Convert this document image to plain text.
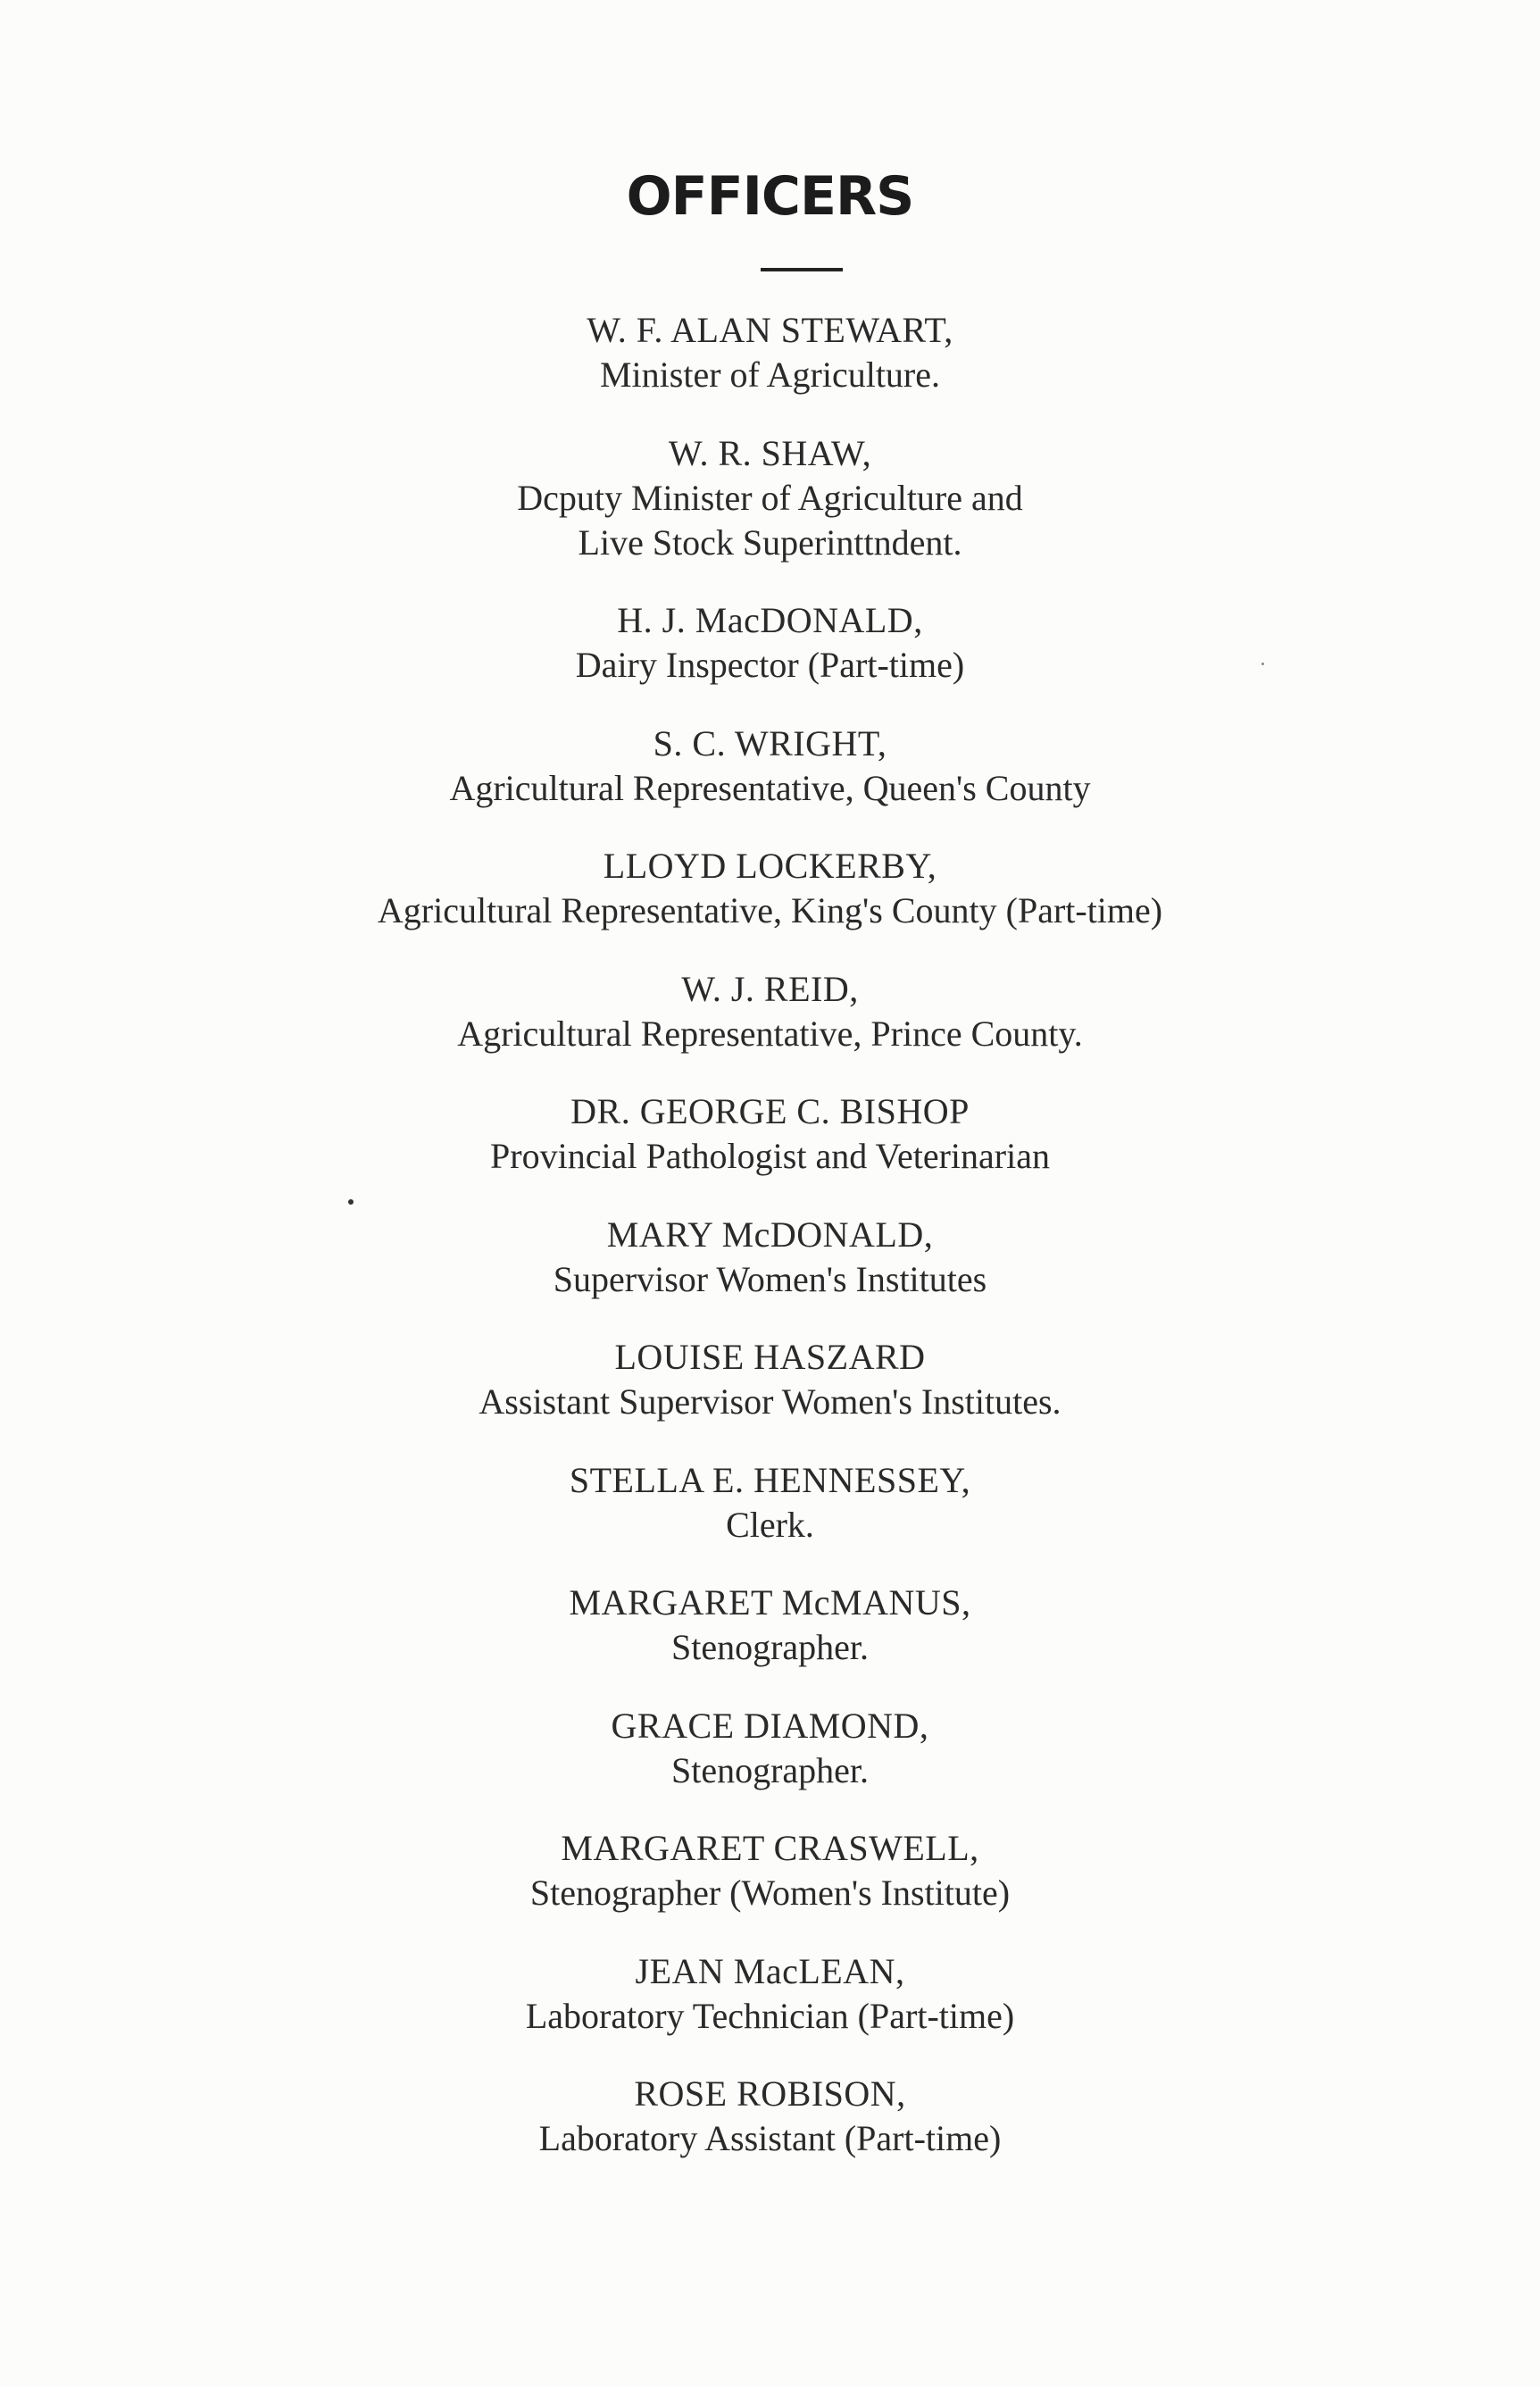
OFFICERS
W. F. ALAN STEWART,
Minister of Agriculture.
W. R. SHAW,
Dcputy Minister of Agriculture and
Live Stock Superinttndent.
H. J. MacDONALD,
Dairy Inspector (Part-time)
S. C. WRIGHT,
Agricultural Representative, Queen's County
LLOYD LOCKERBY,
Agricultural Representative, King's County (Part-time)
W. J. REID,
Agricultural Representative, Prince County.
DR. GEORGE C. BISHOP
Provincial Pathologist and Veterinarian
MARY McDONALD,
Supervisor Women's Institutes
LOUISE HASZARD
Assistant Supervisor Women's Institutes.
STELLA E. HENNESSEY,
Clerk.
MARGARET McMANUS,
Stenographer.
GRACE DIAMOND,
Stenographer.
MARGARET CRASWELL,
Stenographer (Women's Institute)
JEAN MacLEAN,
Laboratory Technician (Part-time)
ROSE ROBISON,
Laboratory Assistant (Part-time)
